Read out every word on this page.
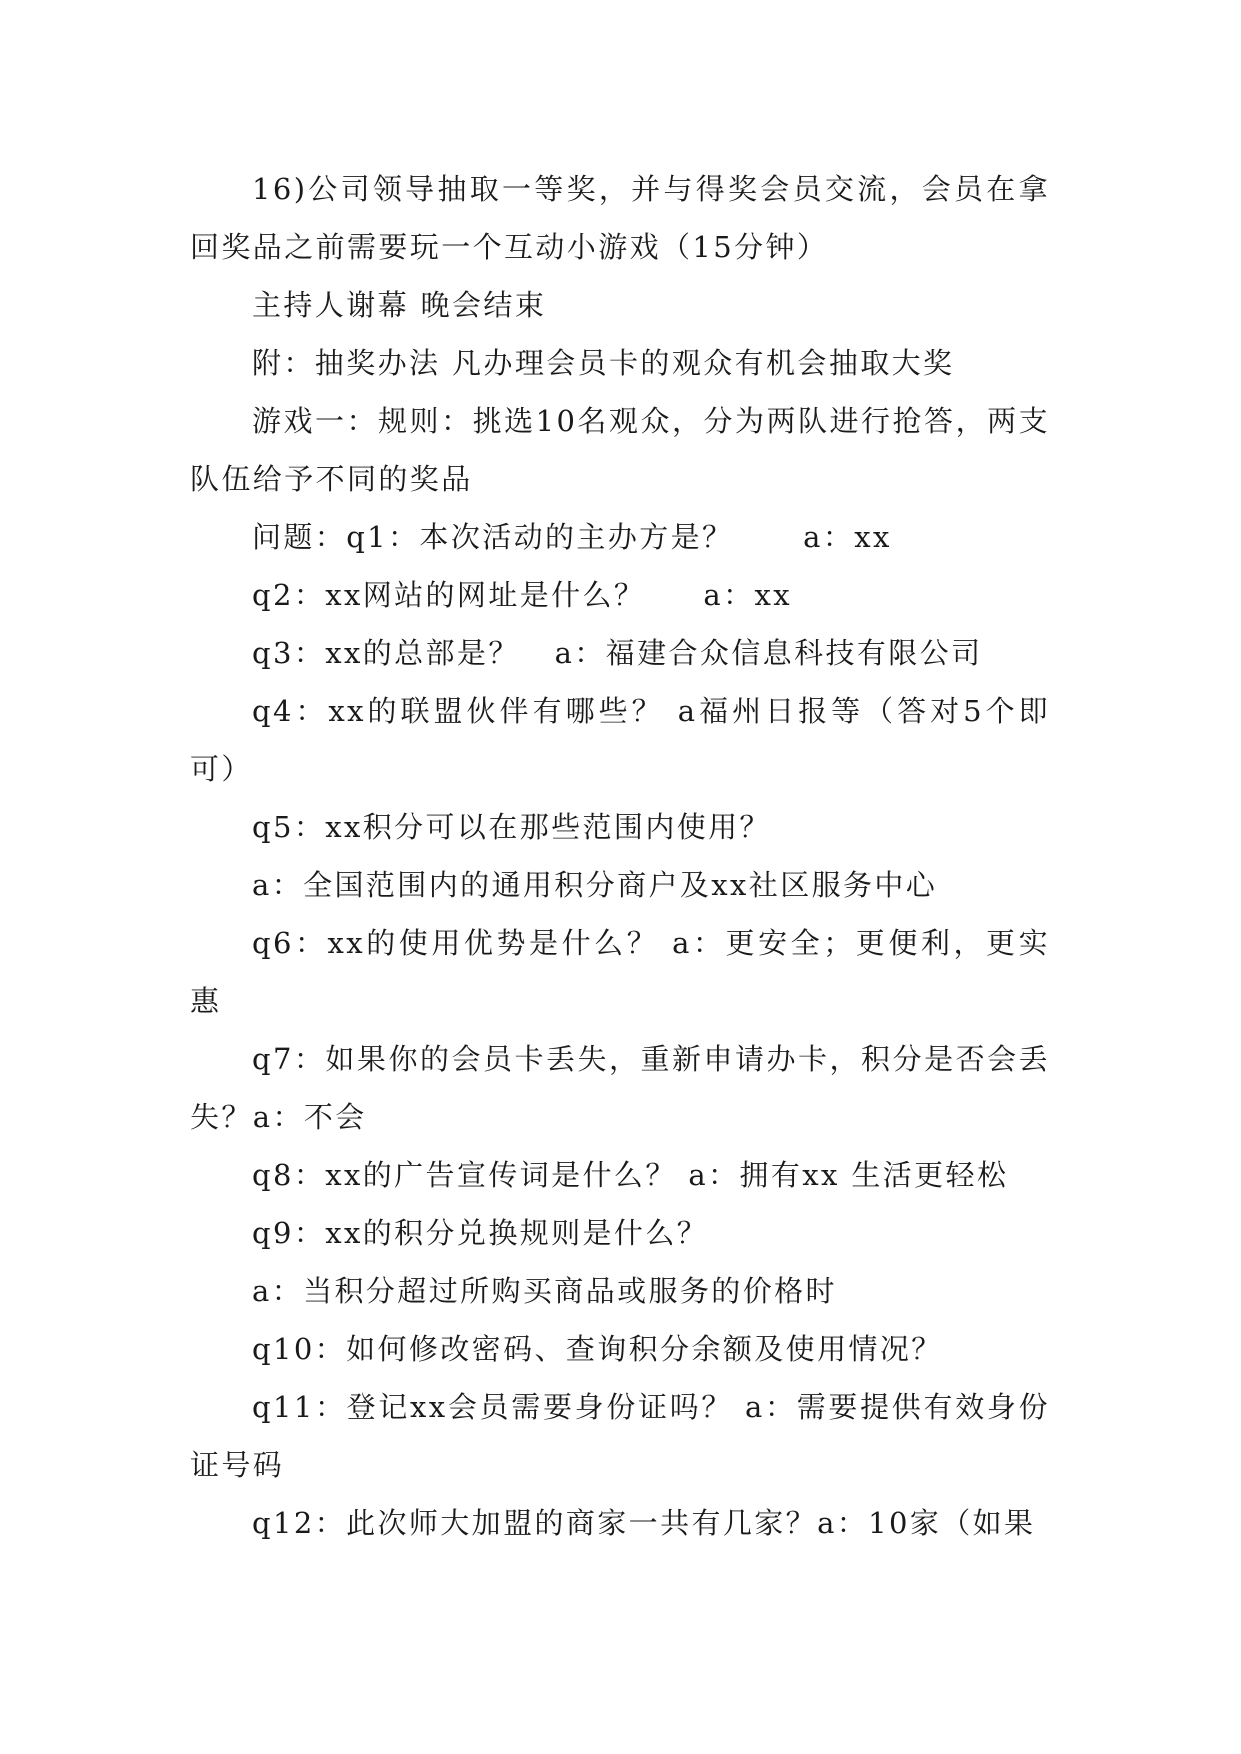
16)公司领导抽取一等奖，并与得奖会员交流，会员在拿回奖品之前需要玩一个互动小游戏（15分钟）

主持人谢幕 晚会结束

附：抽奖办法 凡办理会员卡的观众有机会抽取大奖

游戏一：规则：挑选10名观众，分为两队进行抢答，两支队伍给予不同的奖品

问题：q1：本次活动的主办方是？      a：xx

q2：xx网站的网址是什么？     a：xx

q3：xx的总部是？   a：福建合众信息科技有限公司

q4：xx的联盟伙伴有哪些？ a福州日报等（答对5个即可）

q5：xx积分可以在那些范围内使用？

a：全国范围内的通用积分商户及xx社区服务中心

q6：xx的使用优势是什么？ a：更安全；更便利，更实惠

q7：如果你的会员卡丢失，重新申请办卡，积分是否会丢失？a：不会

q8：xx的广告宣传词是什么？ a：拥有xx 生活更轻松

q9：xx的积分兑换规则是什么？

a：当积分超过所购买商品或服务的价格时

q10：如何修改密码、查询积分余额及使用情况？

q11：登记xx会员需要身份证吗？ a：需要提供有效身份证号码

q12：此次师大加盟的商家一共有几家？a：10家（如果
